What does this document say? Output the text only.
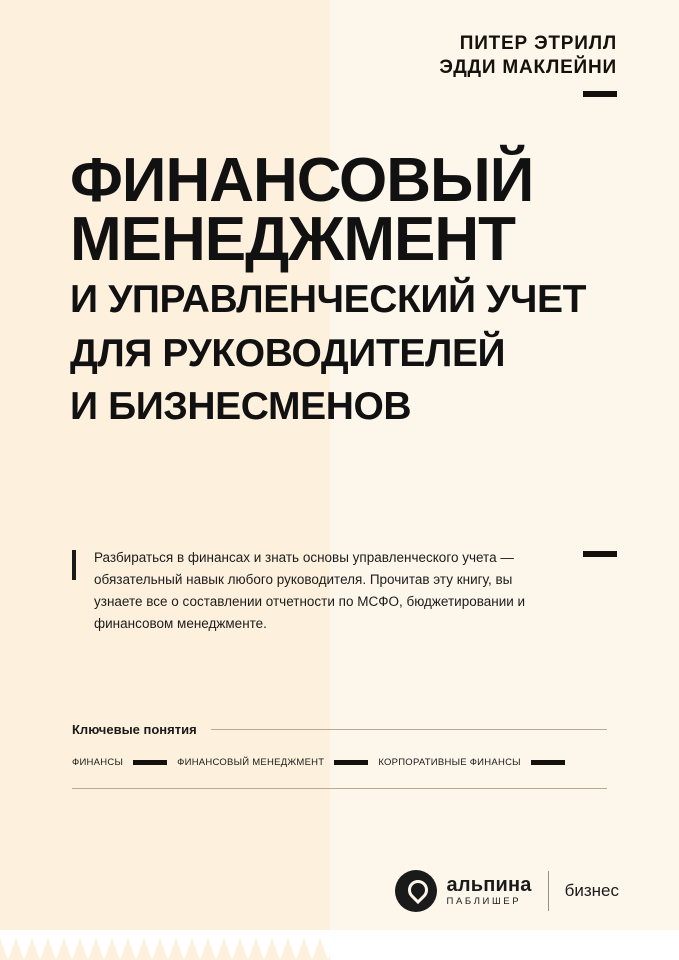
ПИТЕР ЭТРИЛЛ
ЭДДИ МАКЛЕЙНИ
ФИНАНСОВЫЙ
МЕНЕДЖМЕНТ
И УПРАВЛЕНЧЕСКИЙ УЧЕТ
ДЛЯ РУКОВОДИТЕЛЕЙ
И БИЗНЕСМЕНОВ

Разбираться в финансах и знать основы управленческого учета — обязательный навык любого руководителя. Прочитав эту книгу, вы узнаете все о составлении отчетности по МСФО, бюджетировании и финансовом менеджменте.

Ключевые понятия
ФИНАНСЫ	ФИНАНСОВЫЙ МЕНЕДЖМЕНТ	КОРПОРАТИВНЫЕ ФИНАНСЫ
альпина
ПАБЛИШЕР
бизнес
